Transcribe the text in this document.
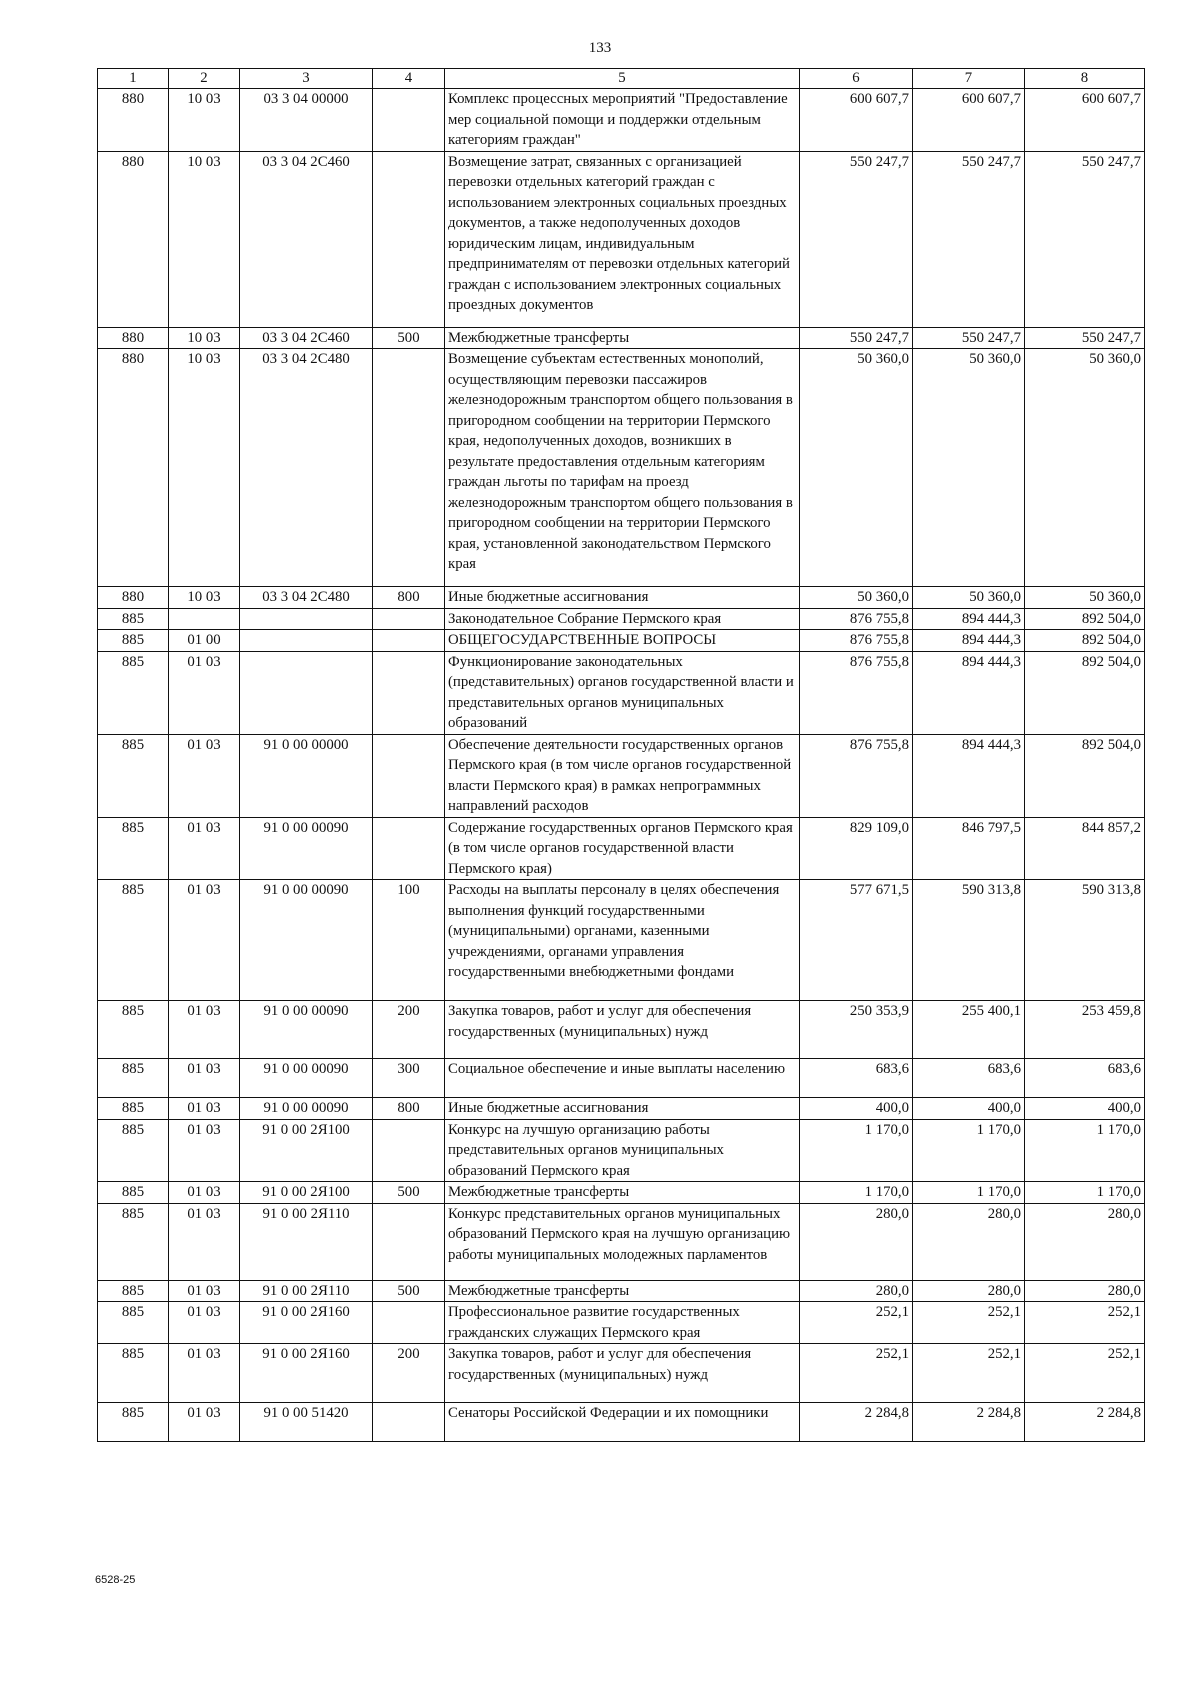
133
1	2	3	4	5	6	7	8
880	10 03	03 3 04 00000		Комплекс процессных мероприятий "Предоставление мер социальной помощи и поддержки отдельным категориям граждан"	600 607,7	600 607,7	600 607,7
880	10 03	03 3 04 2С460		Возмещение затрат, связанных с организацией перевозки отдельных категорий граждан с использованием электронных социальных проездных документов, а также недополученных доходов юридическим лицам, индивидуальным предпринимателям от перевозки отдельных категорий граждан с использованием электронных социальных проездных документов	550 247,7	550 247,7	550 247,7
880	10 03	03 3 04 2С460	500	Межбюджетные трансферты	550 247,7	550 247,7	550 247,7
880	10 03	03 3 04 2С480		Возмещение субъектам естественных монополий, осуществляющим перевозки пассажиров железнодорожным транспортом общего пользования в пригородном сообщении на территории Пермского края, недополученных доходов, возникших в результате предоставления отдельным категориям граждан льготы по тарифам на проезд железнодорожным транспортом общего пользования в пригородном сообщении на территории Пермского края, установленной законодательством Пермского края	50 360,0	50 360,0	50 360,0
880	10 03	03 3 04 2С480	800	Иные бюджетные ассигнования	50 360,0	50 360,0	50 360,0
885				Законодательное Собрание Пермского края	876 755,8	894 444,3	892 504,0
885	01 00			ОБЩЕГОСУДАРСТВЕННЫЕ ВОПРОСЫ	876 755,8	894 444,3	892 504,0
885	01 03			Функционирование законодательных (представительных) органов государственной власти и представительных органов муниципальных образований	876 755,8	894 444,3	892 504,0
885	01 03	91 0 00 00000		Обеспечение деятельности государственных органов Пермского края (в том числе органов государственной власти Пермского края) в рамках непрограммных направлений расходов	876 755,8	894 444,3	892 504,0
885	01 03	91 0 00 00090		Содержание государственных органов Пермского края (в том числе органов государственной власти Пермского края)	829 109,0	846 797,5	844 857,2
885	01 03	91 0 00 00090	100	Расходы на выплаты персоналу в целях обеспечения выполнения функций государственными (муниципальными) органами, казенными учреждениями, органами управления государственными внебюджетными фондами	577 671,5	590 313,8	590 313,8
885	01 03	91 0 00 00090	200	Закупка товаров, работ и услуг для обеспечения государственных (муниципальных) нужд	250 353,9	255 400,1	253 459,8
885	01 03	91 0 00 00090	300	Социальное обеспечение и иные выплаты населению	683,6	683,6	683,6
885	01 03	91 0 00 00090	800	Иные бюджетные ассигнования	400,0	400,0	400,0
885	01 03	91 0 00 2Я100		Конкурс на лучшую организацию работы представительных органов муниципальных образований Пермского края	1 170,0	1 170,0	1 170,0
885	01 03	91 0 00 2Я100	500	Межбюджетные трансферты	1 170,0	1 170,0	1 170,0
885	01 03	91 0 00 2Я110		Конкурс представительных органов муниципальных образований Пермского края на лучшую организацию работы муниципальных молодежных парламентов	280,0	280,0	280,0
885	01 03	91 0 00 2Я110	500	Межбюджетные трансферты	280,0	280,0	280,0
885	01 03	91 0 00 2Я160		Профессиональное развитие государственных гражданских служащих Пермского края	252,1	252,1	252,1
885	01 03	91 0 00 2Я160	200	Закупка товаров, работ и услуг для обеспечения государственных (муниципальных) нужд	252,1	252,1	252,1
885	01 03	91 0 00 51420		Сенаторы Российской Федерации и их помощники	2 284,8	2 284,8	2 284,8
6528-25
